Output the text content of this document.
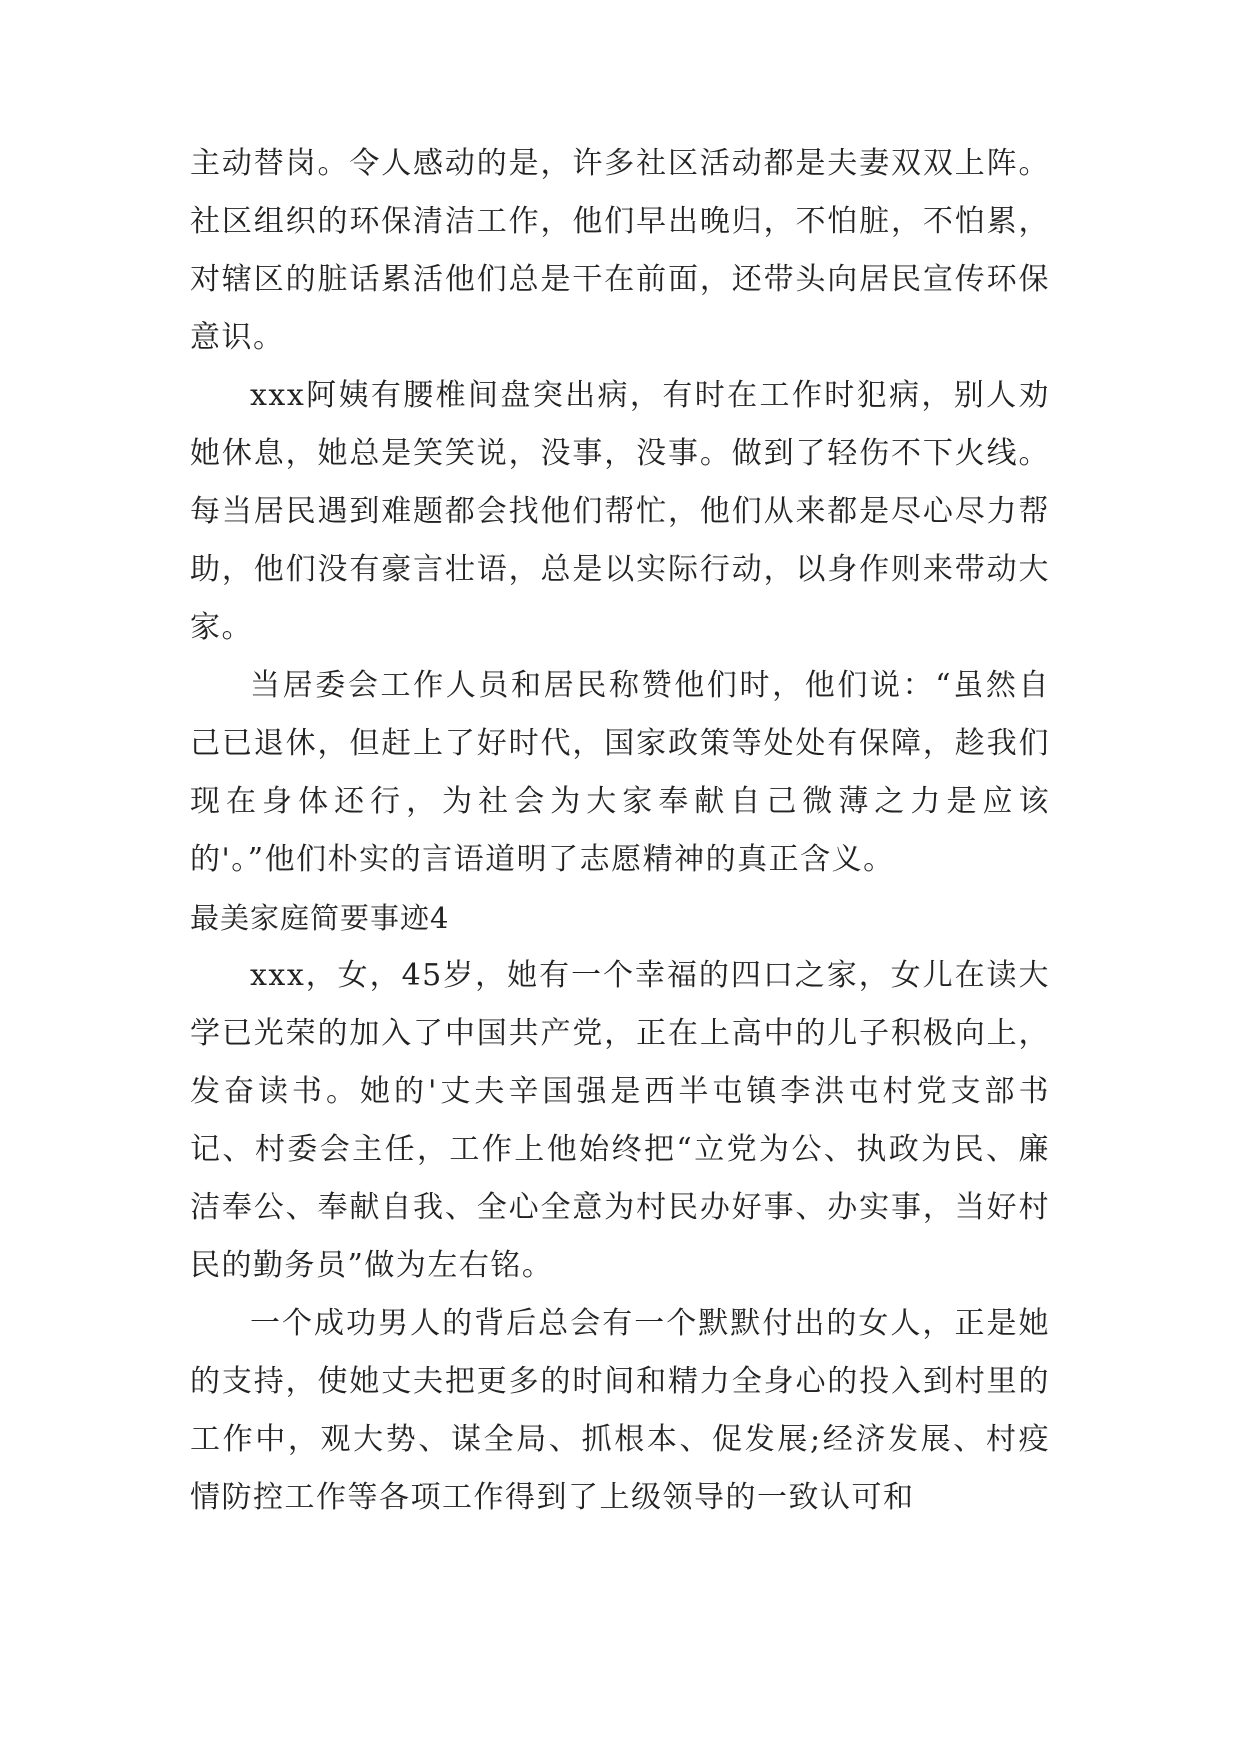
主动替岗。令人感动的是，许多社区活动都是夫妻双双上阵。社区组织的环保清洁工作，他们早出晚归，不怕脏，不怕累，对辖区的脏话累活他们总是干在前面，还带头向居民宣传环保意识。

xxx阿姨有腰椎间盘突出病，有时在工作时犯病，别人劝她休息，她总是笑笑说，没事，没事。做到了轻伤不下火线。每当居民遇到难题都会找他们帮忙，他们从来都是尽心尽力帮助，他们没有豪言壮语，总是以实际行动，以身作则来带动大家。

当居委会工作人员和居民称赞他们时，他们说：“虽然自己已退休，但赶上了好时代，国家政策等处处有保障，趁我们现在身体还行，为社会为大家奉献自己微薄之力是应该的'。”他们朴实的言语道明了志愿精神的真正含义。

最美家庭简要事迹4

xxx，女，45岁，她有一个幸福的四口之家，女儿在读大学已光荣的加入了中国共产党，正在上高中的儿子积极向上，发奋读书。她的'丈夫辛国强是西半屯镇李洪屯村党支部书记、村委会主任，工作上他始终把“立党为公、执政为民、廉洁奉公、奉献自我、全心全意为村民办好事、办实事，当好村民的勤务员”做为左右铭。

一个成功男人的背后总会有一个默默付出的女人，正是她的支持，使她丈夫把更多的时间和精力全身心的投入到村里的工作中，观大势、谋全局、抓根本、促发展;经济发展、村疫情防控工作等各项工作得到了上级领导的一致认可和
